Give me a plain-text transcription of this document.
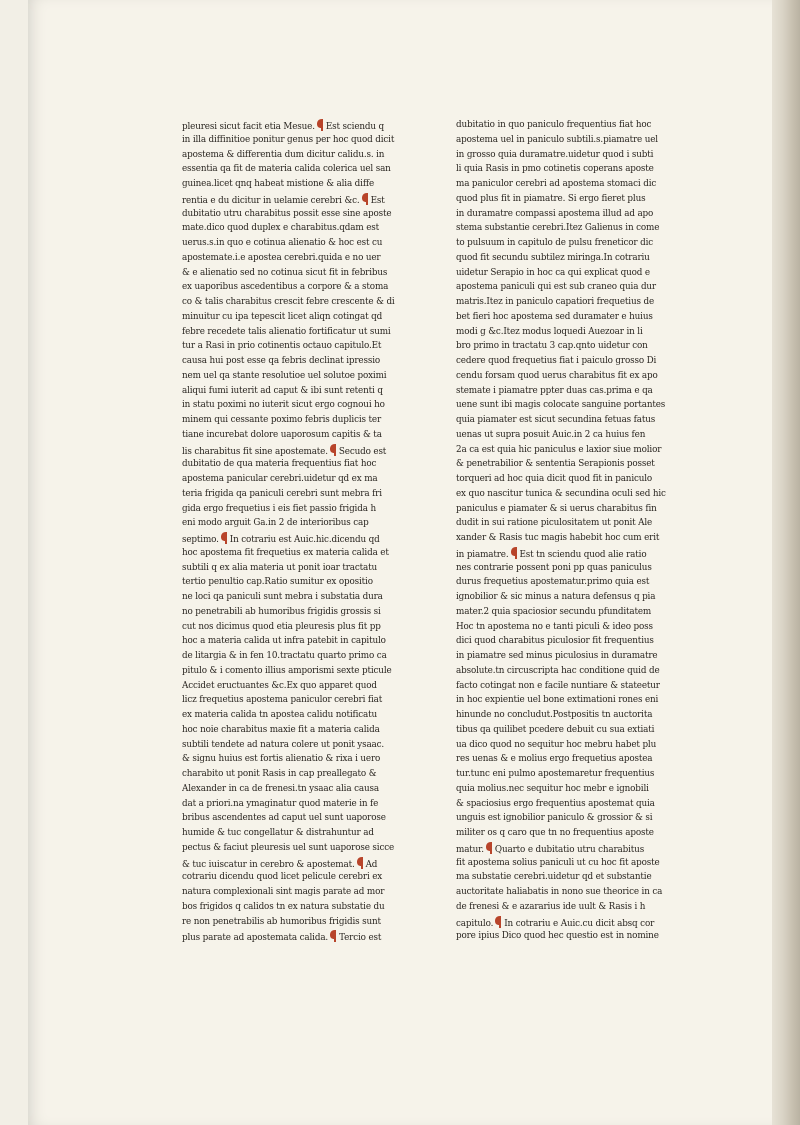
pleuresi sicut facit etia Mesue. Est sciendu q
in illa diffinitioe ponitur genus per hoc quod dicit
apostema & differentia dum dicitur calidu.s. in
essentia qa fit de materia calida colerica uel san
guinea.licet qnq habeat mistione & alia diffe
rentia e du dicitur in uelamie cerebri &c. Est
dubitatio utru charabitus possit esse sine aposte
mate.dico quod duplex e charabitus.qdam est
uerus.s.in quo e cotinua alienatio & hoc est cu
apostemate.i.e apostea cerebri.quida e no uer
& e alienatio sed no cotinua sicut fit in febribus
ex uaporibus ascedentibus a corpore & a stoma
co & talis charabitus crescit febre crescente & di
minuitur cu ipa tepescit licet aliqn cotingat qd
febre recedete talis alienatio fortificatur ut sumi
tur a Rasi in prio cotinentis octauo capitulo.Et
causa hui post esse qa febris declinat ipressio
nem uel qa stante resolutioe uel solutoe poximi
aliqui fumi iuterit ad caput & ibi sunt retenti q
in statu poximi no iuterit sicut ergo cognoui ho
minem qui cessante poximo febris duplicis ter
tiane incurebat dolore uaporosum capitis & ta
lis charabitus fit sine apostemate. Secudo est
dubitatio de qua materia frequentius fiat hoc
apostema panicular cerebri.uidetur qd ex ma
teria frigida qa paniculi cerebri sunt mebra fri
gida ergo frequetius i eis fiet passio frigida h
eni modo arguit Ga.in 2 de interioribus cap
septimo. In cotrariu est Auic.hic.dicendu qd
hoc apostema fit frequetius ex materia calida et
subtili q ex alia materia ut ponit ioar tractatu
tertio penultio cap.Ratio sumitur ex opositio
ne loci qa paniculi sunt mebra i substatia dura
no penetrabili ab humoribus frigidis grossis si
cut nos dicimus quod etia pleuresis plus fit pp
hoc a materia calida ut infra patebit in capitulo
de litargia & in fen 10.tractatu quarto primo ca
pitulo & i comento illius amporismi sexte pticule
Accidet eructuantes &c.Ex quo apparet quod
licz frequetius apostema paniculor cerebri fiat
ex materia calida tn apostea calidu notificatu
hoc noie charabitus maxie fit a materia calida
subtili tendete ad natura colere ut ponit ysaac.
& signu huius est fortis alienatio & rixa i uero
charabito ut ponit Rasis in cap preallegato &
Alexander in ca de frenesi.tn ysaac alia causa
dat a priori.na ymaginatur quod materie in fe
bribus ascendentes ad caput uel sunt uaporose
humide & tuc congellatur & distrahuntur ad
pectus & faciut pleuresis uel sunt uaporose sicce
& tuc iuiscatur in cerebro & apostemat. Ad
cotrariu dicendu quod licet pelicule cerebri ex
natura complexionali sint magis parate ad mor
bos frigidos q calidos tn ex natura substatie du
re non penetrabilis ab humoribus frigidis sunt
plus parate ad apostemata calida. Tercio est
dubitatio in quo paniculo frequentius fiat hoc
apostema uel in paniculo subtili.s.piamatre uel
in grosso quia duramatre.uidetur quod i subti
li quia Rasis in pmo cotinetis coperans aposte
ma paniculor cerebri ad apostema stomaci dic
quod plus fit in piamatre. Si ergo fieret plus
in duramatre compassi apostema illud ad apo
stema substantie cerebri.Itez Galienus in come
to pulsuum in capitulo de pulsu freneticor dic
quod fit secundu subtilez miringa.In cotrariu
uidetur Serapio in hoc ca qui explicat quod e
apostema paniculi qui est sub craneo quia dur
matris.Itez in paniculo capatiori frequetius de
bet fieri hoc apostema sed duramater e huius
modi g &c.Itez modus loquedi Auezoar in li
bro primo in tractatu 3 cap.qnto uidetur con
cedere quod frequetius fiat i paiculo grosso Di
cendu forsam quod uerus charabitus fit ex apo
stemate i piamatre ppter duas cas.prima e qa
uene sunt ibi magis colocate sanguine portantes
quia piamater est sicut secundina fetuas fatus
uenas ut supra posuit Auic.in 2 ca huius fen
2a ca est quia hic paniculus e laxior siue molior
& penetrabilior & sententia Serapionis posset
torqueri ad hoc quia dicit quod fit in paniculo
ex quo nascitur tunica & secundina oculi sed hic
paniculus e piamater & si uerus charabitus fin
dudit in sui ratione piculositatem ut ponit Ale
xander & Rasis tuc magis habebit hoc cum erit
in piamatre. Est tn sciendu quod alie ratio
nes contrarie possent poni pp quas paniculus
durus frequetius apostematur.primo quia est
ignobilior & sic minus a natura defensus q pia
mater.2 quia spaciosior secundu pfunditatem
Hoc tn apostema no e tanti piculi & ideo poss
dici quod charabitus piculosior fit frequentius
in piamatre sed minus piculosius in duramatre
absolute.tn circuscripta hac conditione quid de
facto cotingat non e facile nuntiare & stateetur
in hoc expientie uel bone extimationi rones eni
hinunde no concludut.Postpositis tn auctorita
tibus qa quilibet pcedere debuit cu sua extiati
ua dico quod no sequitur hoc mebru habet plu
res uenas & e molius ergo frequetius apostea
tur.tunc eni pulmo apostemaretur frequentius
quia molius.nec sequitur hoc mebr e ignobili
& spaciosius ergo frequentius apostemat quia
unguis est ignobilior paniculo & grossior & si
militer os q caro que tn no frequentius aposte
matur. Quarto e dubitatio utru charabitus
fit apostema solius paniculi ut cu hoc fit aposte
ma substatie cerebri.uidetur qd et substantie
auctoritate haliabatis in nono sue theorice in ca
de frenesi & e azararius ide uult & Rasis i h
capitulo. In cotrariu e Auic.cu dicit absq cor
pore ipius Dico quod hec questio est in nomine
